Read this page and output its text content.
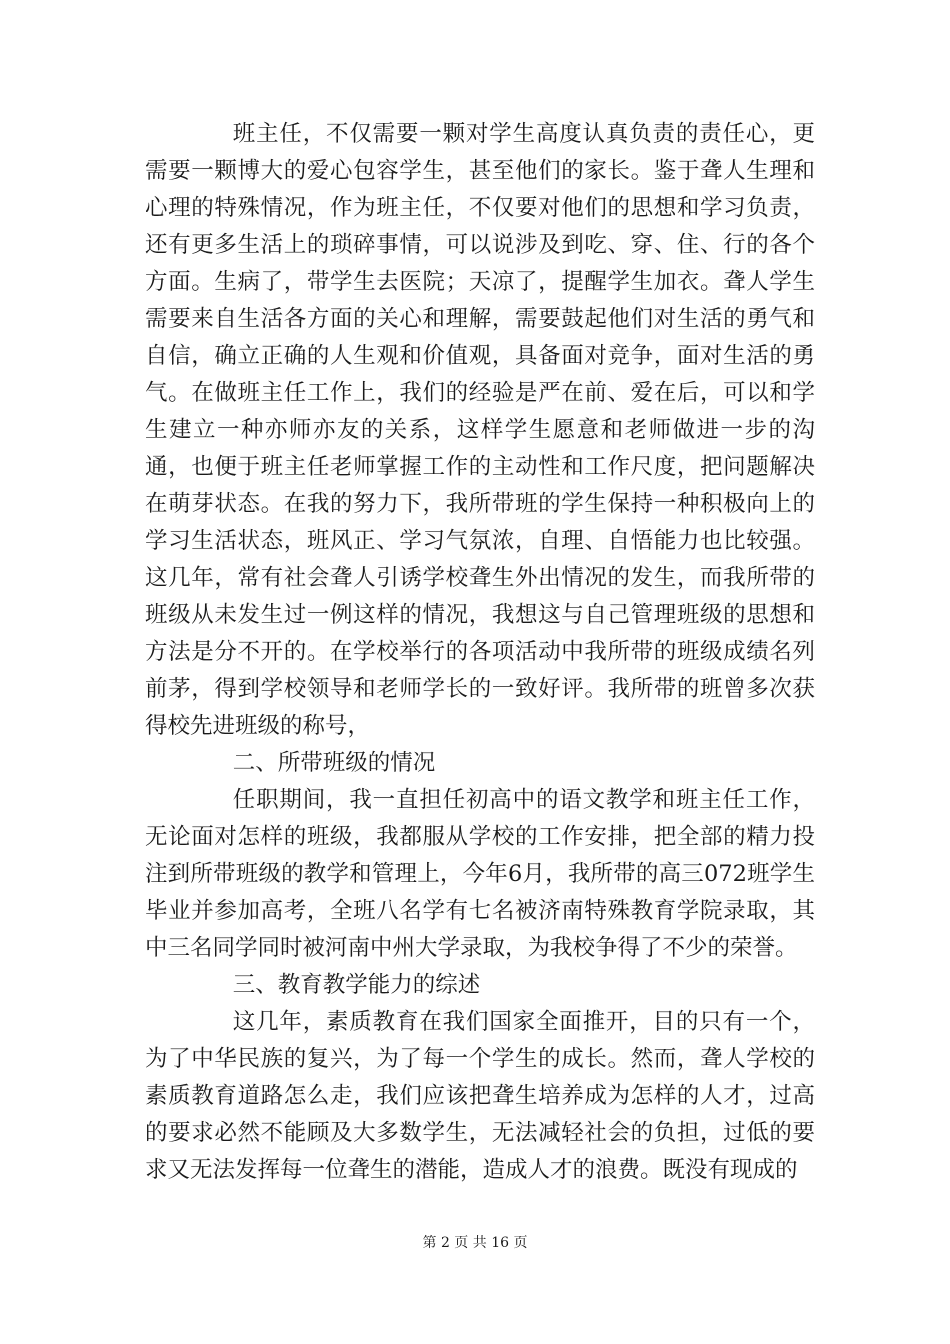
班主任，不仅需要一颗对学生高度认真负责的责任心，更需要一颗博大的爱心包容学生，甚至他们的家长。鉴于聋人生理和心理的特殊情况，作为班主任，不仅要对他们的思想和学习负责，还有更多生活上的琐碎事情，可以说涉及到吃、穿、住、行的各个方面。生病了，带学生去医院；天凉了，提醒学生加衣。聋人学生需要来自生活各方面的关心和理解，需要鼓起他们对生活的勇气和自信，确立正确的人生观和价值观，具备面对竞争，面对生活的勇气。在做班主任工作上，我们的经验是严在前、爱在后，可以和学生建立一种亦师亦友的关系，这样学生愿意和老师做进一步的沟通，也便于班主任老师掌握工作的主动性和工作尺度，把问题解决在萌芽状态。在我的努力下，我所带班的学生保持一种积极向上的学习生活状态，班风正、学习气氛浓，自理、自悟能力也比较强。这几年，常有社会聋人引诱学校聋生外出情况的发生，而我所带的班级从未发生过一例这样的情况，我想这与自己管理班级的思想和方法是分不开的。在学校举行的各项活动中我所带的班级成绩名列前茅，得到学校领导和老师学长的一致好评。我所带的班曾多次获得校先进班级的称号，

二、所带班级的情况

任职期间，我一直担任初高中的语文教学和班主任工作，无论面对怎样的班级，我都服从学校的工作安排，把全部的精力投注到所带班级的教学和管理上，今年6月，我所带的高三072班学生毕业并参加高考，全班八名学有七名被济南特殊教育学院录取，其中三名同学同时被河南中州大学录取，为我校争得了不少的荣誉。

三、教育教学能力的综述

这几年，素质教育在我们国家全面推开，目的只有一个，为了中华民族的复兴，为了每一个学生的成长。然而，聋人学校的素质教育道路怎么走，我们应该把聋生培养成为怎样的人才，过高的要求必然不能顾及大多数学生，无法减轻社会的负担，过低的要求又无法发挥每一位聋生的潜能，造成人才的浪费。既没有现成的

第 2 页 共 16 页
